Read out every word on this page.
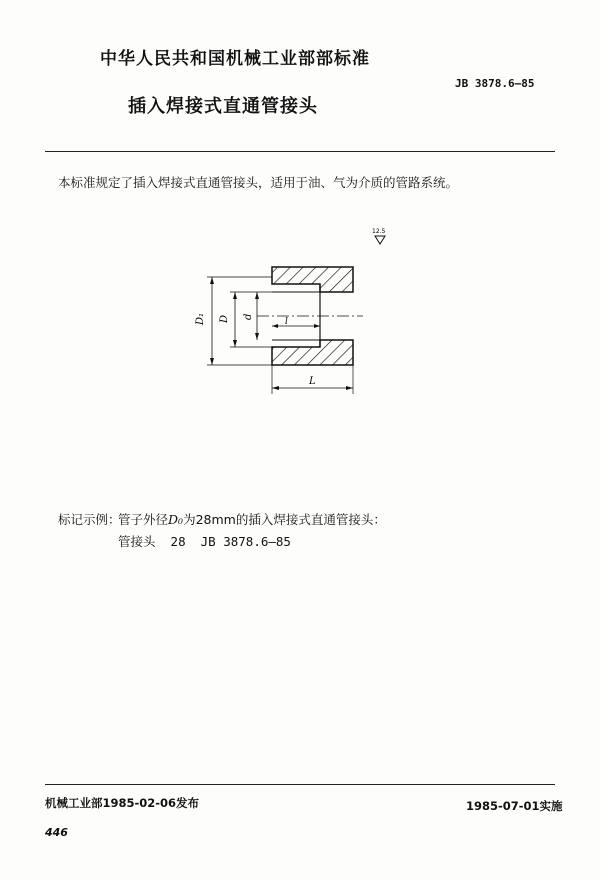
中华人民共和国机械工业部部标准
JB 3878.6—85
插入焊接式直通管接头
本标准规定了插入焊接式直通管接头，适用于油、气为介质的管路系统。
12.5
D₁ D d
l
L
标记示例：
管子外径D₀为28mm的插入焊接式直通管接头：
管接头  28  JB 3878.6—85
机械工业部1985-02-06发布	1985-07-01实施
446
